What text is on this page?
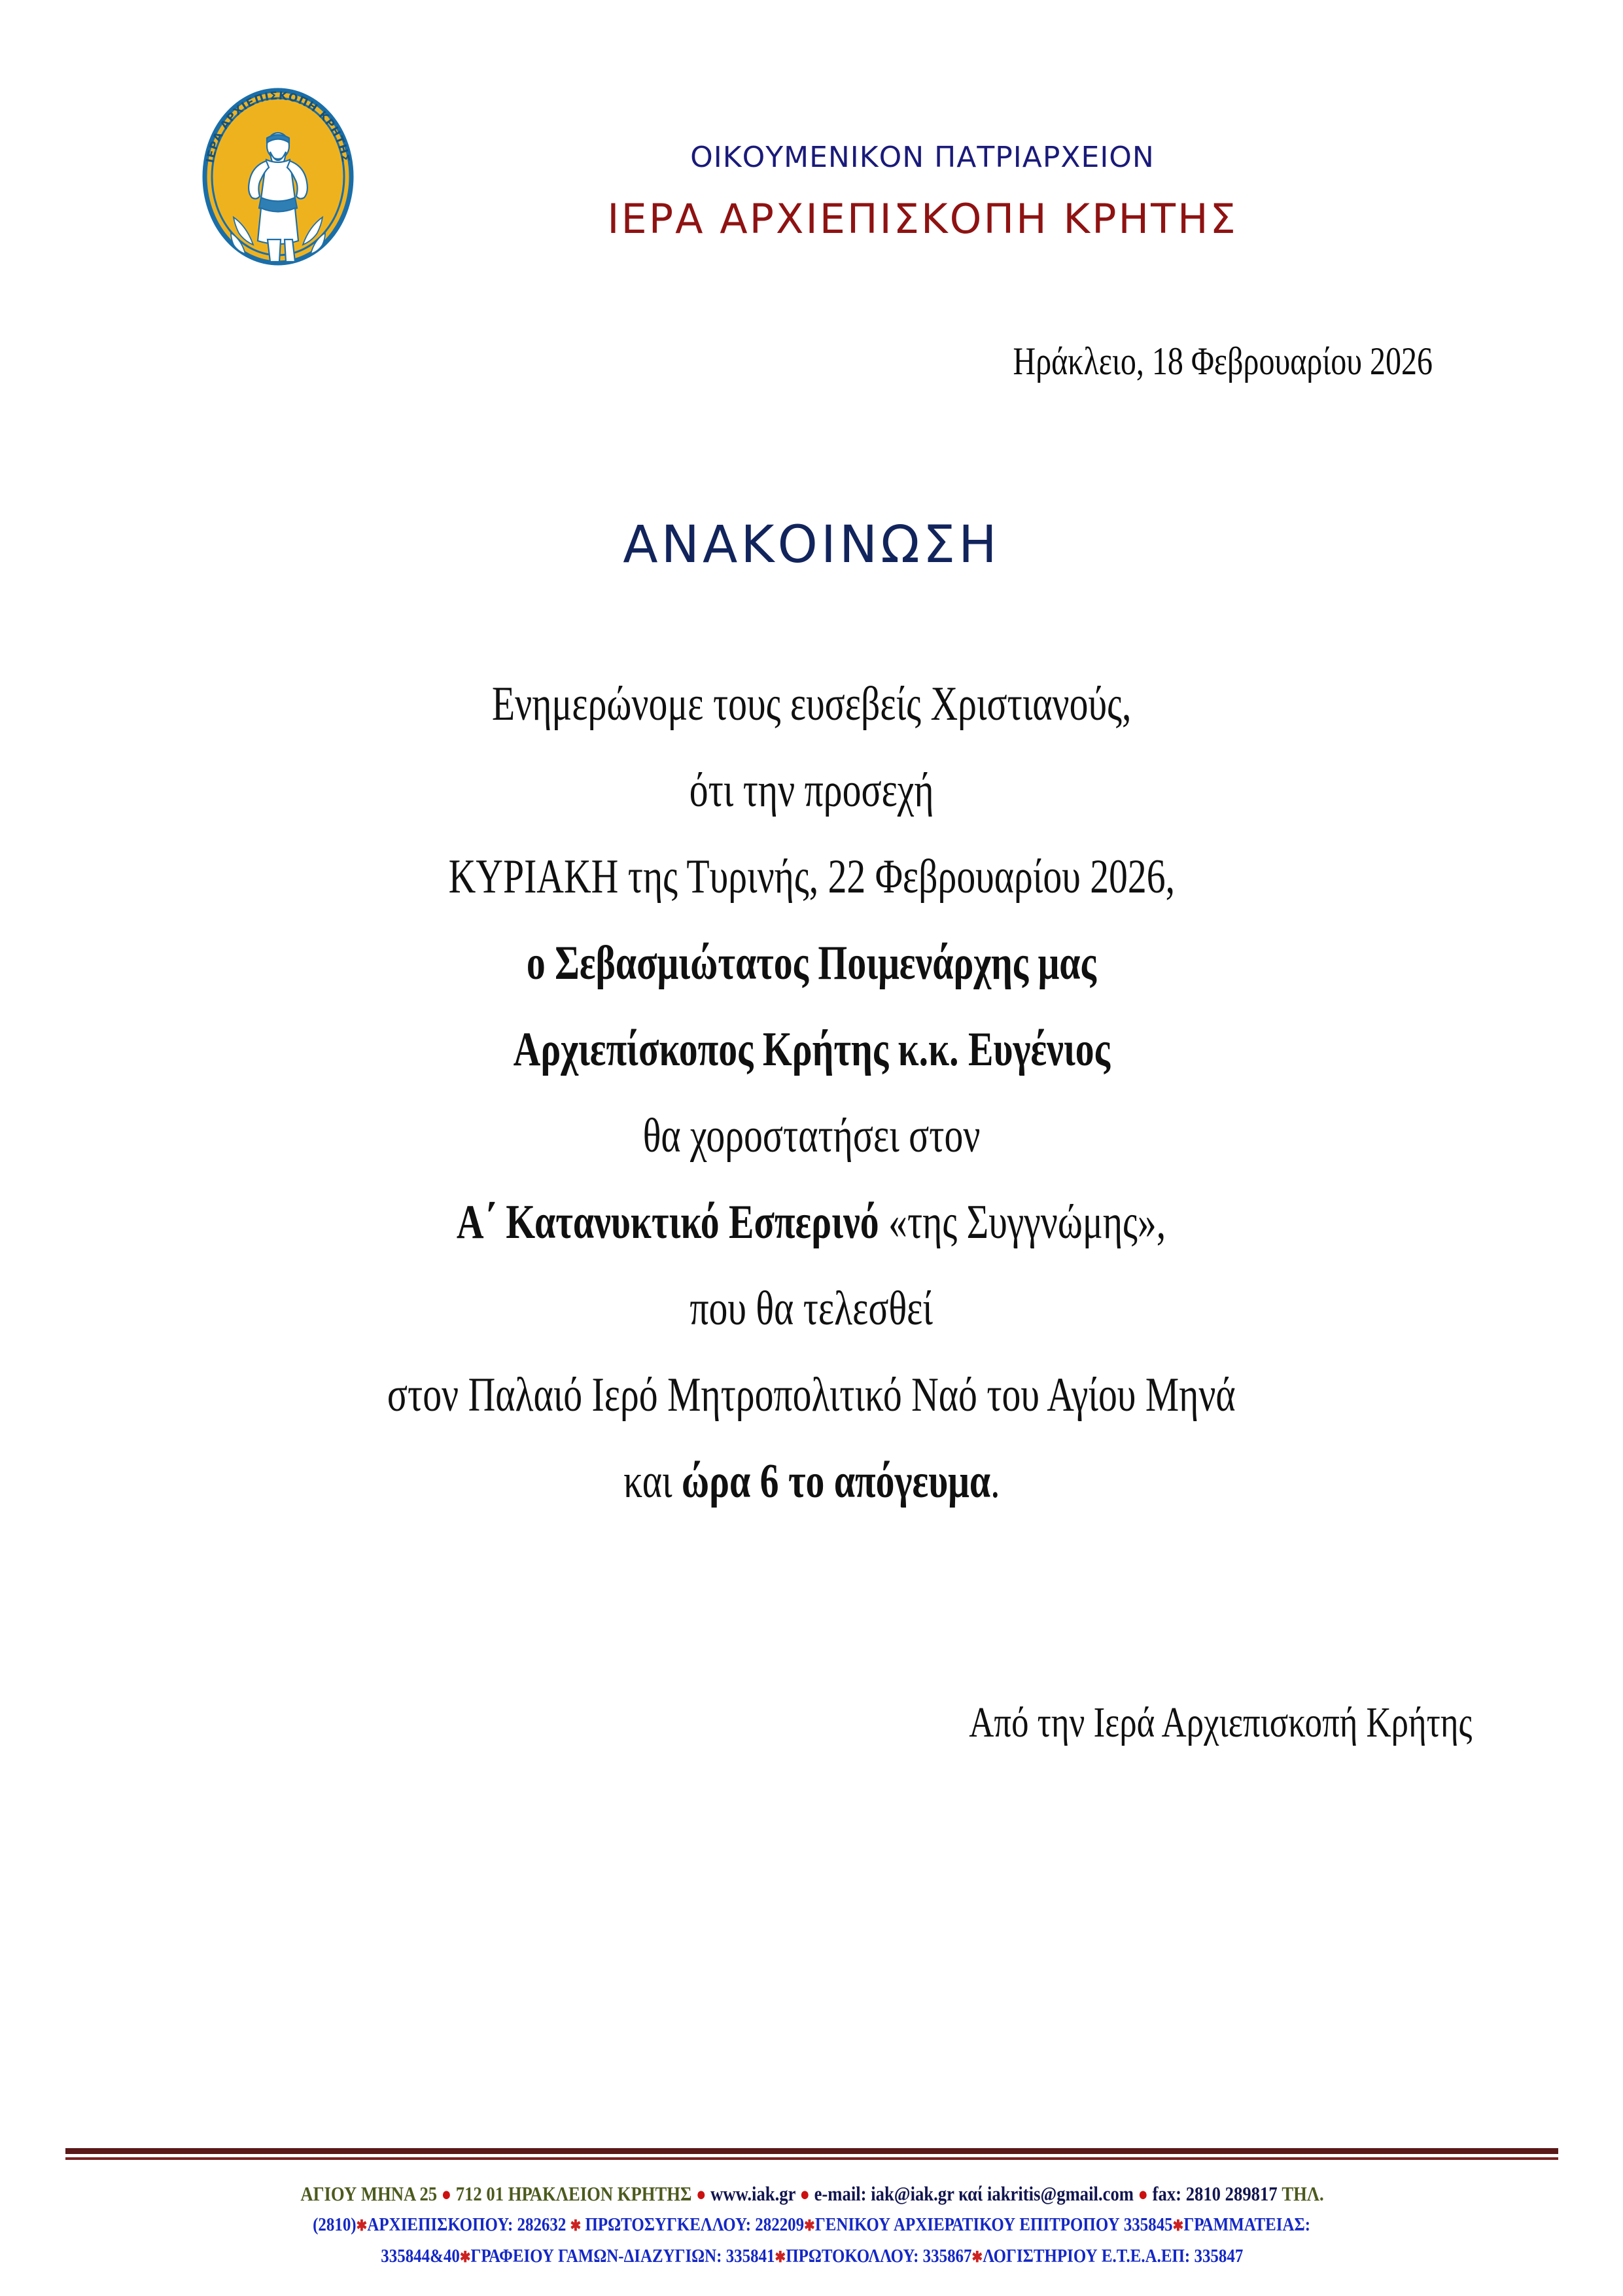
ΙΕΡΑ ΑΡΧΙΕΠΙΣΚΟΠΗ ΚΡΗΤΗΣ	ΟΙΚΟΥΜΕΝΙΚΟΝ ΠΑΤΡΙΑΡΧΕΙΟΝ
ΙΕΡΑ ΑΡΧΙΕΠΙΣΚΟΠΗ ΚΡΗΤΗΣ
Ηράκλειο, 18 Φεβρουαρίου 2026
ΑΝΑΚΟΙΝΩΣΗ
Ενημερώνομε τους ευσεβείς Χριστιανούς,
ότι την προσεχή
ΚΥΡΙΑΚΗ της Τυρινής, 22 Φεβρουαρίου 2026,
ο Σεβασμιώτατος Ποιμενάρχης μας
Αρχιεπίσκοπος Κρήτης κ.κ. Ευγένιος
θα χοροστατήσει στον
Α΄ Κατανυκτικό Εσπερινό «της Συγγνώμης»,
που θα τελεσθεί
στον Παλαιό Ιερό Μητροπολιτικό Ναό του Αγίου Μηνά
και ώρα 6 το απόγευμα.
Από την Ιερά Αρχιεπισκοπή Κρήτης
ΑΓΙΟΥ ΜΗΝΑ 25 ● 712 01 ΗΡΑΚΛΕΙΟΝ ΚΡΗΤΗΣ ● www.iak.gr ● e-mail: iak@iak.gr καί iakritis@gmail.com ● fax: 2810 289817 ΤΗΛ.
(2810)✱ΑΡΧΙΕΠΙΣΚΟΠΟΥ: 282632 ✱ ΠΡΩΤΟΣΥΓΚΕΛΛΟΥ: 282209✱ΓΕΝΙΚΟΥ ΑΡΧΙΕΡΑΤΙΚΟΥ ΕΠΙΤΡΟΠΟΥ 335845✱ΓΡΑΜΜΑΤΕΙΑΣ:
335844&40✱ΓΡΑΦΕΙΟΥ ΓΑΜΩΝ-ΔΙΑΖΥΓΙΩΝ: 335841✱ΠΡΩΤΟΚΟΛΛΟΥ: 335867✱ΛΟΓΙΣΤΗΡΙΟΥ Ε.Τ.Ε.Α.ΕΠ: 335847
